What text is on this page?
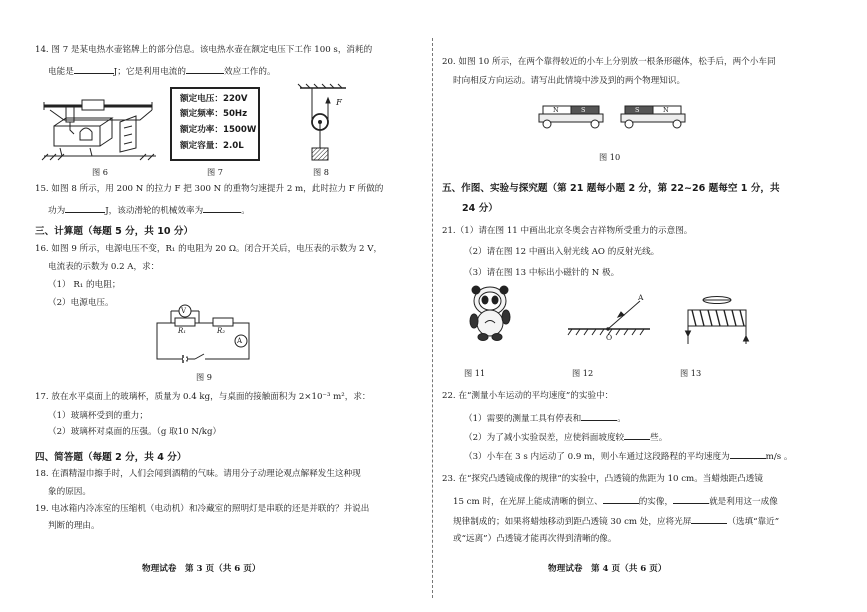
14. 图 7 是某电热水壶铭牌上的部分信息。该电热水壶在额定电压下工作 100 s，消耗的
电能是	J；它是利用电流的	效应工作的。
额定电压：220V
额定频率：50Hz
额定功率：1500W
额定容量：2.0L
F
图 6	图 7	图 8
15. 如图 8 所示，用 200 N 的拉力 F 把 300 N 的重物匀速提升 2 m，此时拉力 F 所做的
功为	J，该动滑轮的机械效率为	。
三、计算题（每题 5 分，共 10 分）
16. 如图 9 所示，电源电压不变，R₁ 的电阻为 20 Ω。闭合开关后，电压表的示数为 2 V，
电流表的示数为 0.2 A，求：
（1） R₁ 的电阻；
（2）电源电压。
V
A
R₁	R₂
图 9
17. 放在水平桌面上的玻璃杯，质量为 0.4 kg，与桌面的接触面积为 2×10⁻³ m²，求：
（1）玻璃杯受到的重力；
（2）玻璃杯对桌面的压强。（g 取10 N/kg）
四、简答题（每题 2 分，共 4 分）
18. 在酒精湿巾擦手时，人们会闻到酒精的气味。请用分子动理论观点解释发生这种现
象的原因。
19. 电冰箱内冷冻室的压缩机（电动机）和冷藏室的照明灯是串联的还是并联的？并说出
判断的理由。
物理试卷　第 3 页（共 6 页）
20. 如图 10 所示，在两个靠得较近的小车上分别放一根条形磁体，松手后，两个小车同
时向相反方向运动。请写出此情境中涉及到的两个物理知识。
N	S	S	N
图 10
五、作图、实验与探究题（第 21 题每小题 2 分，第 22~26 题每空 1 分，共
24 分）
21.（1）请在图 11 中画出北京冬奥会吉祥物所受重力的示意图。
（2）请在图 12 中画出入射光线 AO 的反射光线。
（3）请在图 13 中标出小磁针的 N 极。
A
O
图 11	图 12	图 13
22. 在“测量小车运动的平均速度”的实验中：
（1）需要的测量工具有停表和	。
（2）为了减小实验误差，应使斜面坡度较	些。
（3）小车在 3 s 内运动了 0.9 m，则小车通过这段路程的平均速度为	m/s 。
23. 在“探究凸透镜成像的规律”的实验中，凸透镜的焦距为 10 cm。当蜡烛距凸透镜
15 cm 时，在光屏上能成清晰的倒立、	的实像，	就是利用这一成像
规律制成的；如果将蜡烛移动到距凸透镜 30 cm 处，应将光屏	（选填“靠近”
或“远离”）凸透镜才能再次得到清晰的像。
物理试卷　第 4 页（共 6 页）
